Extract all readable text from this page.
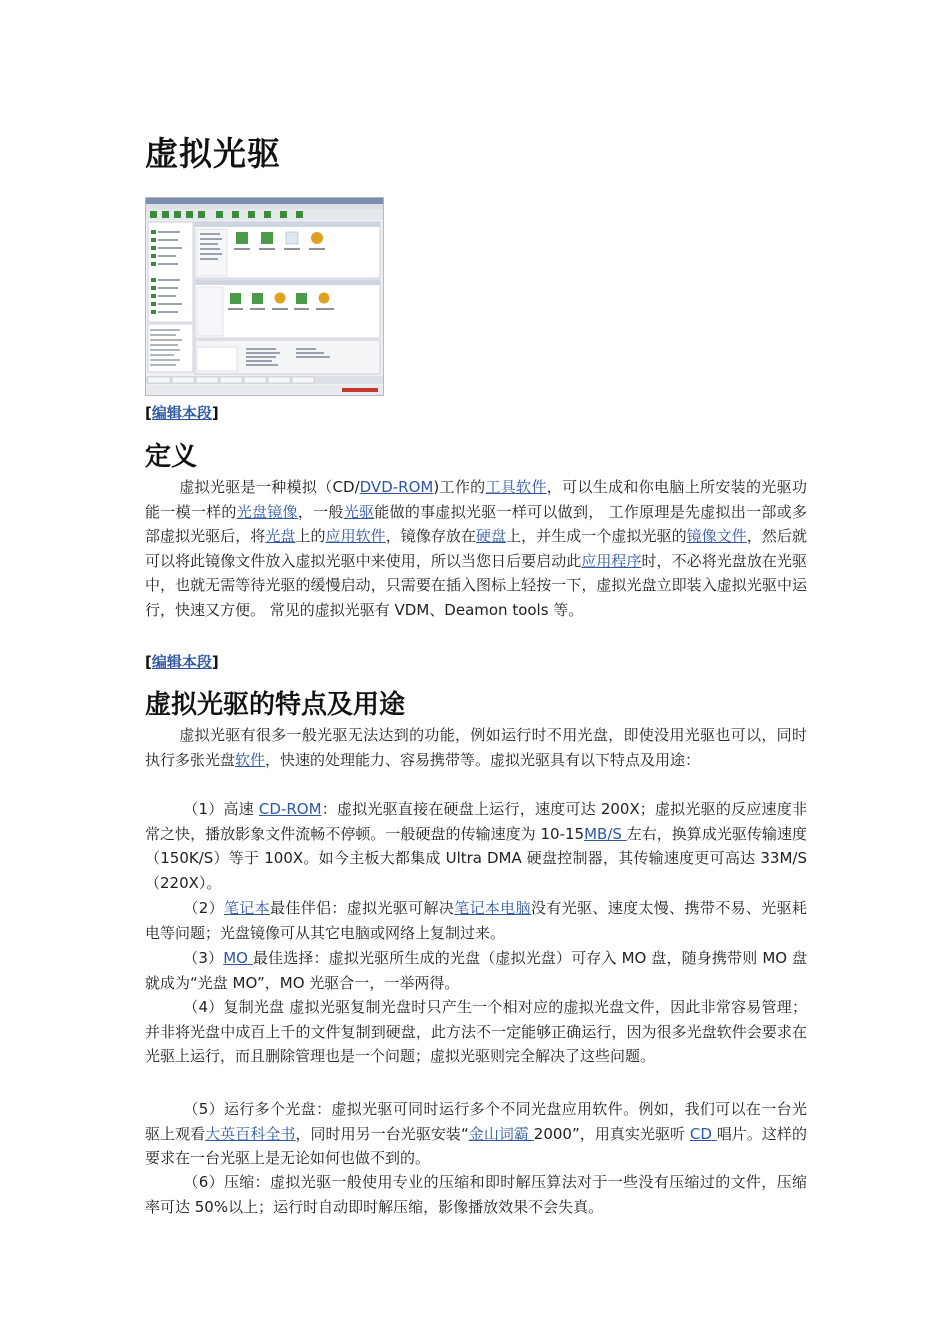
虚拟光驱
[编辑本段]
定义

虚拟光驱是一种模拟（CD/DVD-ROM)工作的工具软件，可以生成和你电脑上所安装的光驱功能一模一样的光盘镜像，一般光驱能做的事虚拟光驱一样可以做到， 工作原理是先虚拟出一部或多部虚拟光驱后，将光盘上的应用软件，镜像存放在硬盘上，并生成一个虚拟光驱的镜像文件，然后就可以将此镜像文件放入虚拟光驱中来使用，所以当您日后要启动此应用程序时，不必将光盘放在光驱中，也就无需等待光驱的缓慢启动，只需要在插入图标上轻按一下，虚拟光盘立即装入虚拟光驱中运行，快速又方便。 常见的虚拟光驱有 VDM、Deamon tools 等。

[编辑本段]
虚拟光驱的特点及用途

虚拟光驱有很多一般光驱无法达到的功能，例如运行时不用光盘，即使没用光驱也可以，同时执行多张光盘软件，快速的处理能力、容易携带等。虚拟光驱具有以下特点及用途：

（1）高速 CD-ROM：虚拟光驱直接在硬盘上运行，速度可达 200X；虚拟光驱的反应速度非常之快，播放影象文件流畅不停顿。一般硬盘的传输速度为 10-15MB/S 左右，换算成光驱传输速度（150K/S）等于 100X。如今主板大都集成 Ultra DMA 硬盘控制器，其传输速度更可高达 33M/S（220X）。

（2）笔记本最佳伴侣：虚拟光驱可解决笔记本电脑没有光驱、速度太慢、携带不易、光驱耗电等问题；光盘镜像可从其它电脑或网络上复制过来。

（3）MO 最佳选择：虚拟光驱所生成的光盘（虚拟光盘）可存入 MO 盘，随身携带则 MO 盘就成为“光盘 MO”，MO 光驱合一，一举两得。

（4）复制光盘 虚拟光驱复制光盘时只产生一个相对应的虚拟光盘文件，因此非常容易管理；并非将光盘中成百上千的文件复制到硬盘，此方法不一定能够正确运行，因为很多光盘软件会要求在光驱上运行，而且删除管理也是一个问题；虚拟光驱则完全解决了这些问题。

（5）运行多个光盘：虚拟光驱可同时运行多个不同光盘应用软件。例如，我们可以在一台光驱上观看大英百科全书，同时用另一台光驱安装“金山词霸 2000”，用真实光驱听 CD 唱片。这样的要求在一台光驱上是无论如何也做不到的。

（6）压缩：虚拟光驱一般使用专业的压缩和即时解压算法对于一些没有压缩过的文件，压缩率可达 50%以上；运行时自动即时解压缩，影像播放效果不会失真。
